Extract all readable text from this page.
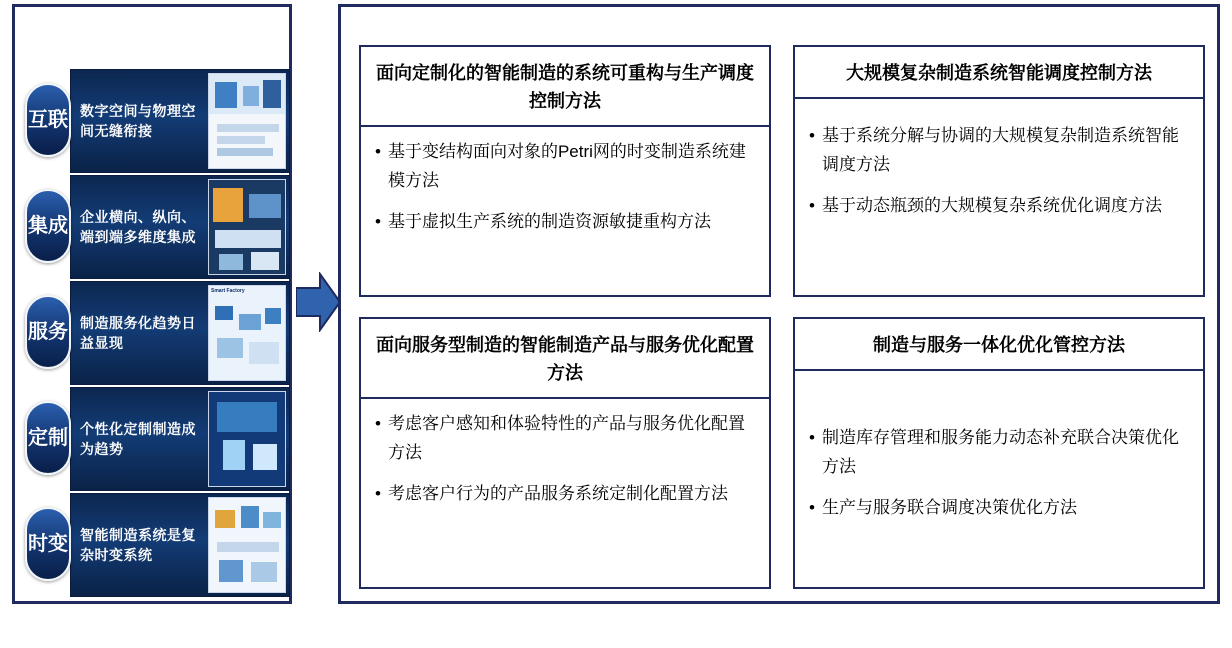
数字空间与物理空间无缝衔接
企业横向、纵向、端到端多维度集成
制造服务化趋势日益显现
Smart Factory
个性化定制制造成为趋势
智能制造系统是复杂时变系统
互联
集成
服务
定制
时变
面向定制化的智能制造的系统可重构与生产调度控制方法
• 基于变结构面向对象的Petri网的时变制造系统建模方法
• 基于虚拟生产系统的制造资源敏捷重构方法
大规模复杂制造系统智能调度控制方法
• 基于系统分解与协调的大规模复杂制造系统智能调度方法
• 基于动态瓶颈的大规模复杂系统优化调度方法
面向服务型制造的智能制造产品与服务优化配置方法
• 考虑客户感知和体验特性的产品与服务优化配置方法
• 考虑客户行为的产品服务系统定制化配置方法
制造与服务一体化优化管控方法
• 制造库存管理和服务能力动态补充联合决策优化方法
• 生产与服务联合调度决策优化方法
